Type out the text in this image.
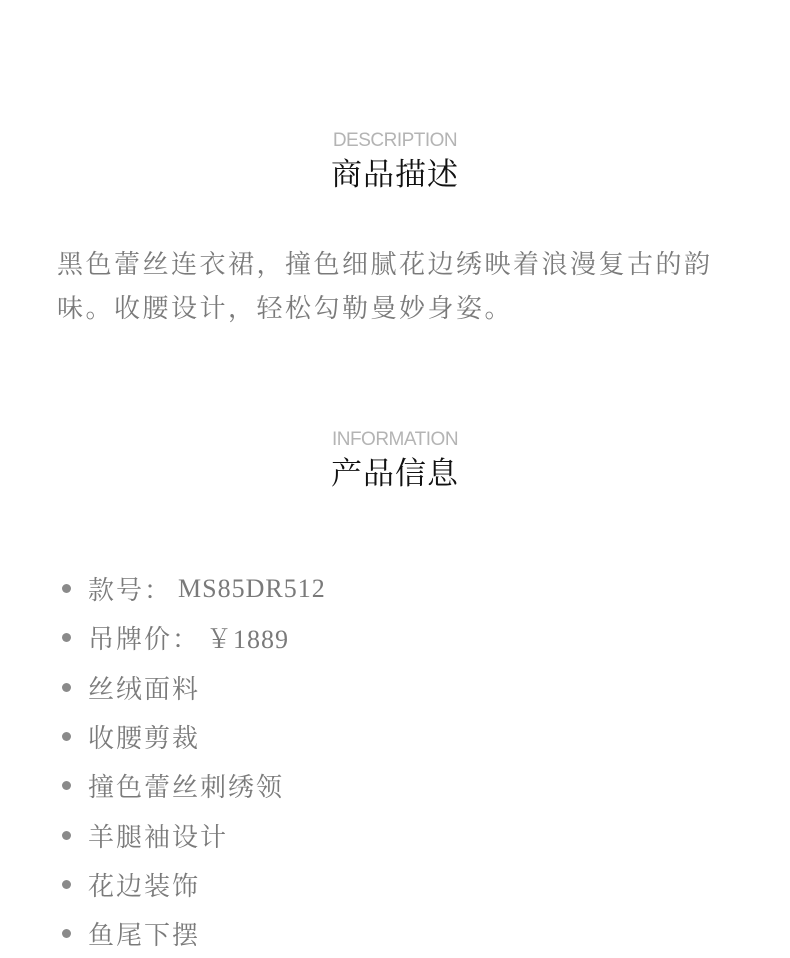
DESCRIPTION
商品描述

黑色蕾丝连衣裙，撞色细腻花边绣映着浪漫复古的韵味。收腰设计，轻松勾勒曼妙身姿。

INFORMATION
产品信息
款号： MS85DR512
吊牌价： ￥1889
丝绒面料
收腰剪裁
撞色蕾丝刺绣领
羊腿袖设计
花边装饰
鱼尾下摆
